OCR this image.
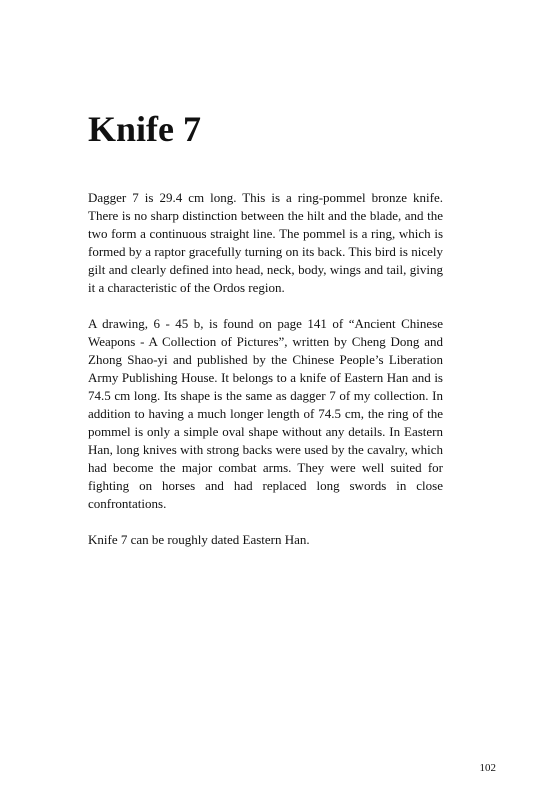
Knife 7

Dagger 7 is 29.4 cm long. This is a ring-pommel bronze knife. There is no sharp distinction between the hilt and the blade, and the two form a continuous straight line. The pommel is a ring, which is formed by a raptor gracefully turning on its back. This bird is nicely gilt and clearly defined into head, neck, body, wings and tail, giving it a characteristic of the Ordos region.

A drawing, 6 - 45 b, is found on page 141 of “Ancient Chinese Weapons - A Collection of Pictures”, written by Cheng Dong and Zhong Shao-yi and published by the Chinese People’s Liberation Army Publishing House. It belongs to a knife of Eastern Han and is 74.5 cm long. Its shape is the same as dagger 7 of my collection. In addition to having a much longer length of 74.5 cm, the ring of the pommel is only a simple oval shape without any details. In Eastern Han, long knives with strong backs were used by the cavalry, which had become the major combat arms. They were well suited for fighting on horses and had replaced long swords in close confrontations.

Knife 7 can be roughly dated Eastern Han.

102
